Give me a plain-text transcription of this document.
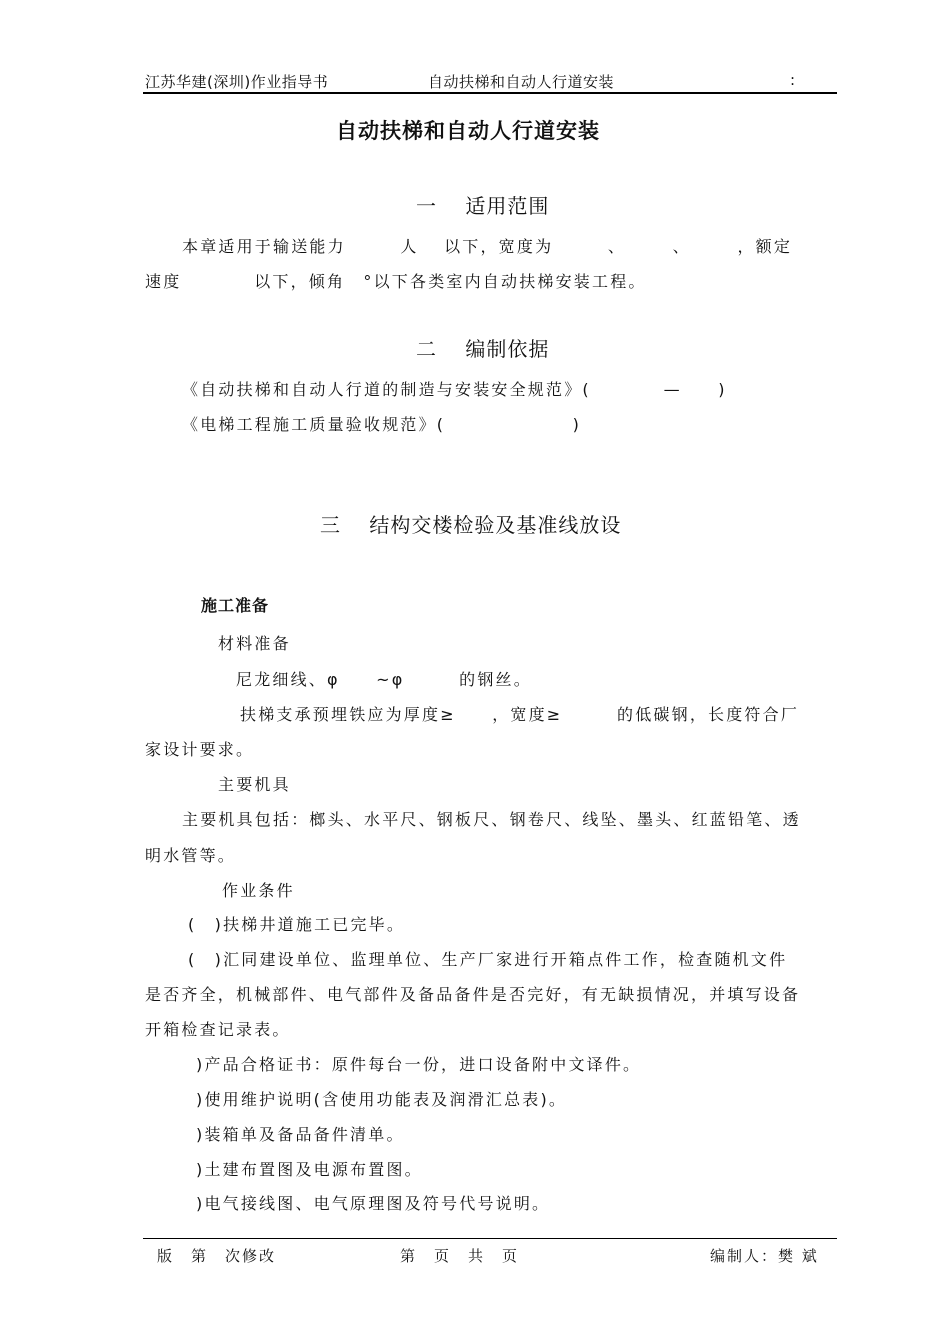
江苏华建(深圳)作业指导书	自动扶梯和自动人行道安装	:
自动扶梯和自动人行道安装
一　 适用范围
本章适用于输送能力　　　人　 以下，宽度为　　　、　　　、　　　，额定
速度　　　　以下，倾角　°以下各类室内自动扶梯安装工程。
二　 编制依据
《自动扶梯和自动人行道的制造与安装安全规范》(　　　　—　　)
《电梯工程施工质量验收规范》(　　　　　　　)
三　 结构交楼检验及基准线放设
施工准备
材料准备
尼龙细线、φ　　~φ　　　的钢丝。
扶梯支承预埋铁应为厚度≥　　，宽度≥　　　的低碳钢，长度符合厂
家设计要求。
主要机具
主要机具包括：榔头、水平尺、钢板尺、钢卷尺、线坠、墨头、红蓝铅笔、透
明水管等。
作业条件
(　)扶梯井道施工已完毕。
(　)汇同建设单位、监理单位、生产厂家进行开箱点件工作，检查随机文件
是否齐全，机械部件、电气部件及备品备件是否完好，有无缺损情况，并填写设备
开箱检查记录表。
)产品合格证书：原件每台一份，进口设备附中文译件。
)使用维护说明(含使用功能表及润滑汇总表)。
)装箱单及备品备件清单。
)土建布置图及电源布置图。
)电气接线图、电气原理图及符号代号说明。
版　第　次修改	第　页　共　页	编制人：樊 斌
